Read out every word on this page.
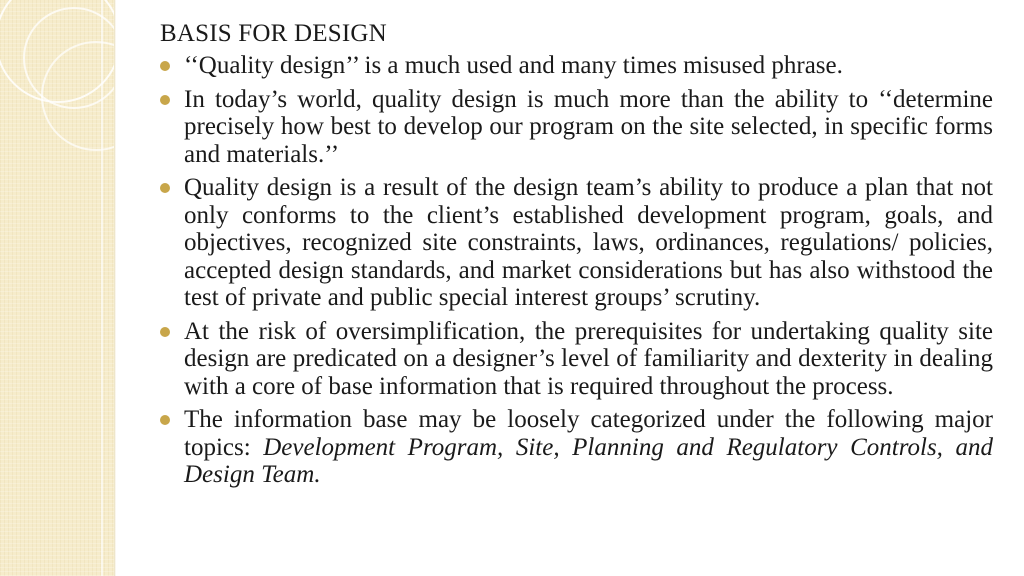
BASIS FOR DESIGN
‘‘Quality design’’ is a much used and many times misused phrase.
In today’s world, quality design is much more than the ability to ‘‘determine precisely how best to develop our program on the site selected, in specific forms and materials.’’
Quality design is a result of the design team’s ability to produce a plan that not only conforms to the client’s established development program, goals, and objectives, recognized site constraints, laws, ordinances, regulations/ policies, accepted design standards, and market considerations but has also withstood the test of private and public special interest groups’ scrutiny.
At the risk of oversimplification, the prerequisites for undertaking quality site design are predicated on a designer’s level of familiarity and dexterity in dealing with a core of base information that is required throughout the process.
The information base may be loosely categorized under the following major topics: Development Program, Site, Planning and Regulatory Controls, and Design Team.
